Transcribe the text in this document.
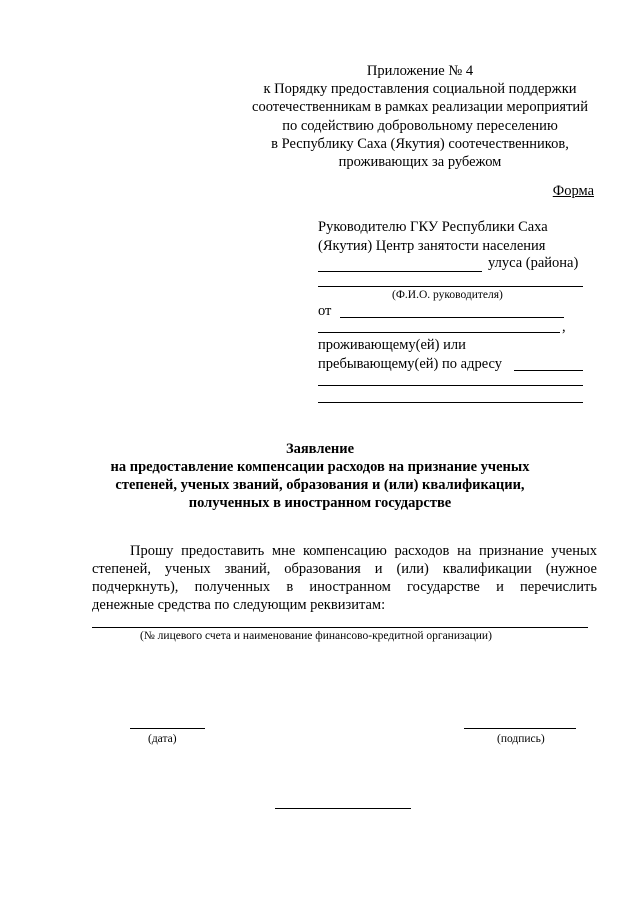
Приложение № 4
к Порядку предоставления социальной поддержки
соотечественникам в рамках реализации мероприятий
по содействию добровольному переселению
в Республику Саха (Якутия) соотечественников,
проживающих за рубежом
Форма
Руководителю ГКУ Республики Саха
(Якутия) Центр занятости населения
улуса (района)
(Ф.И.О. руководителя)
от
,
проживающему(ей) или
пребывающему(ей) по адресу
Заявление
на предоставление компенсации расходов на признание ученых
степеней, ученых званий, образования и (или) квалификации,
полученных в иностранном государстве
Прошу предоставить мне компенсацию расходов на признание ученых
степеней, ученых званий, образования и (или) квалификации (нужное
подчеркнуть), полученных в иностранном государстве и перечислить
денежные средства по следующим реквизитам:
(№ лицевого счета и наименование финансово-кредитной организации)
(дата)	(подпись)
